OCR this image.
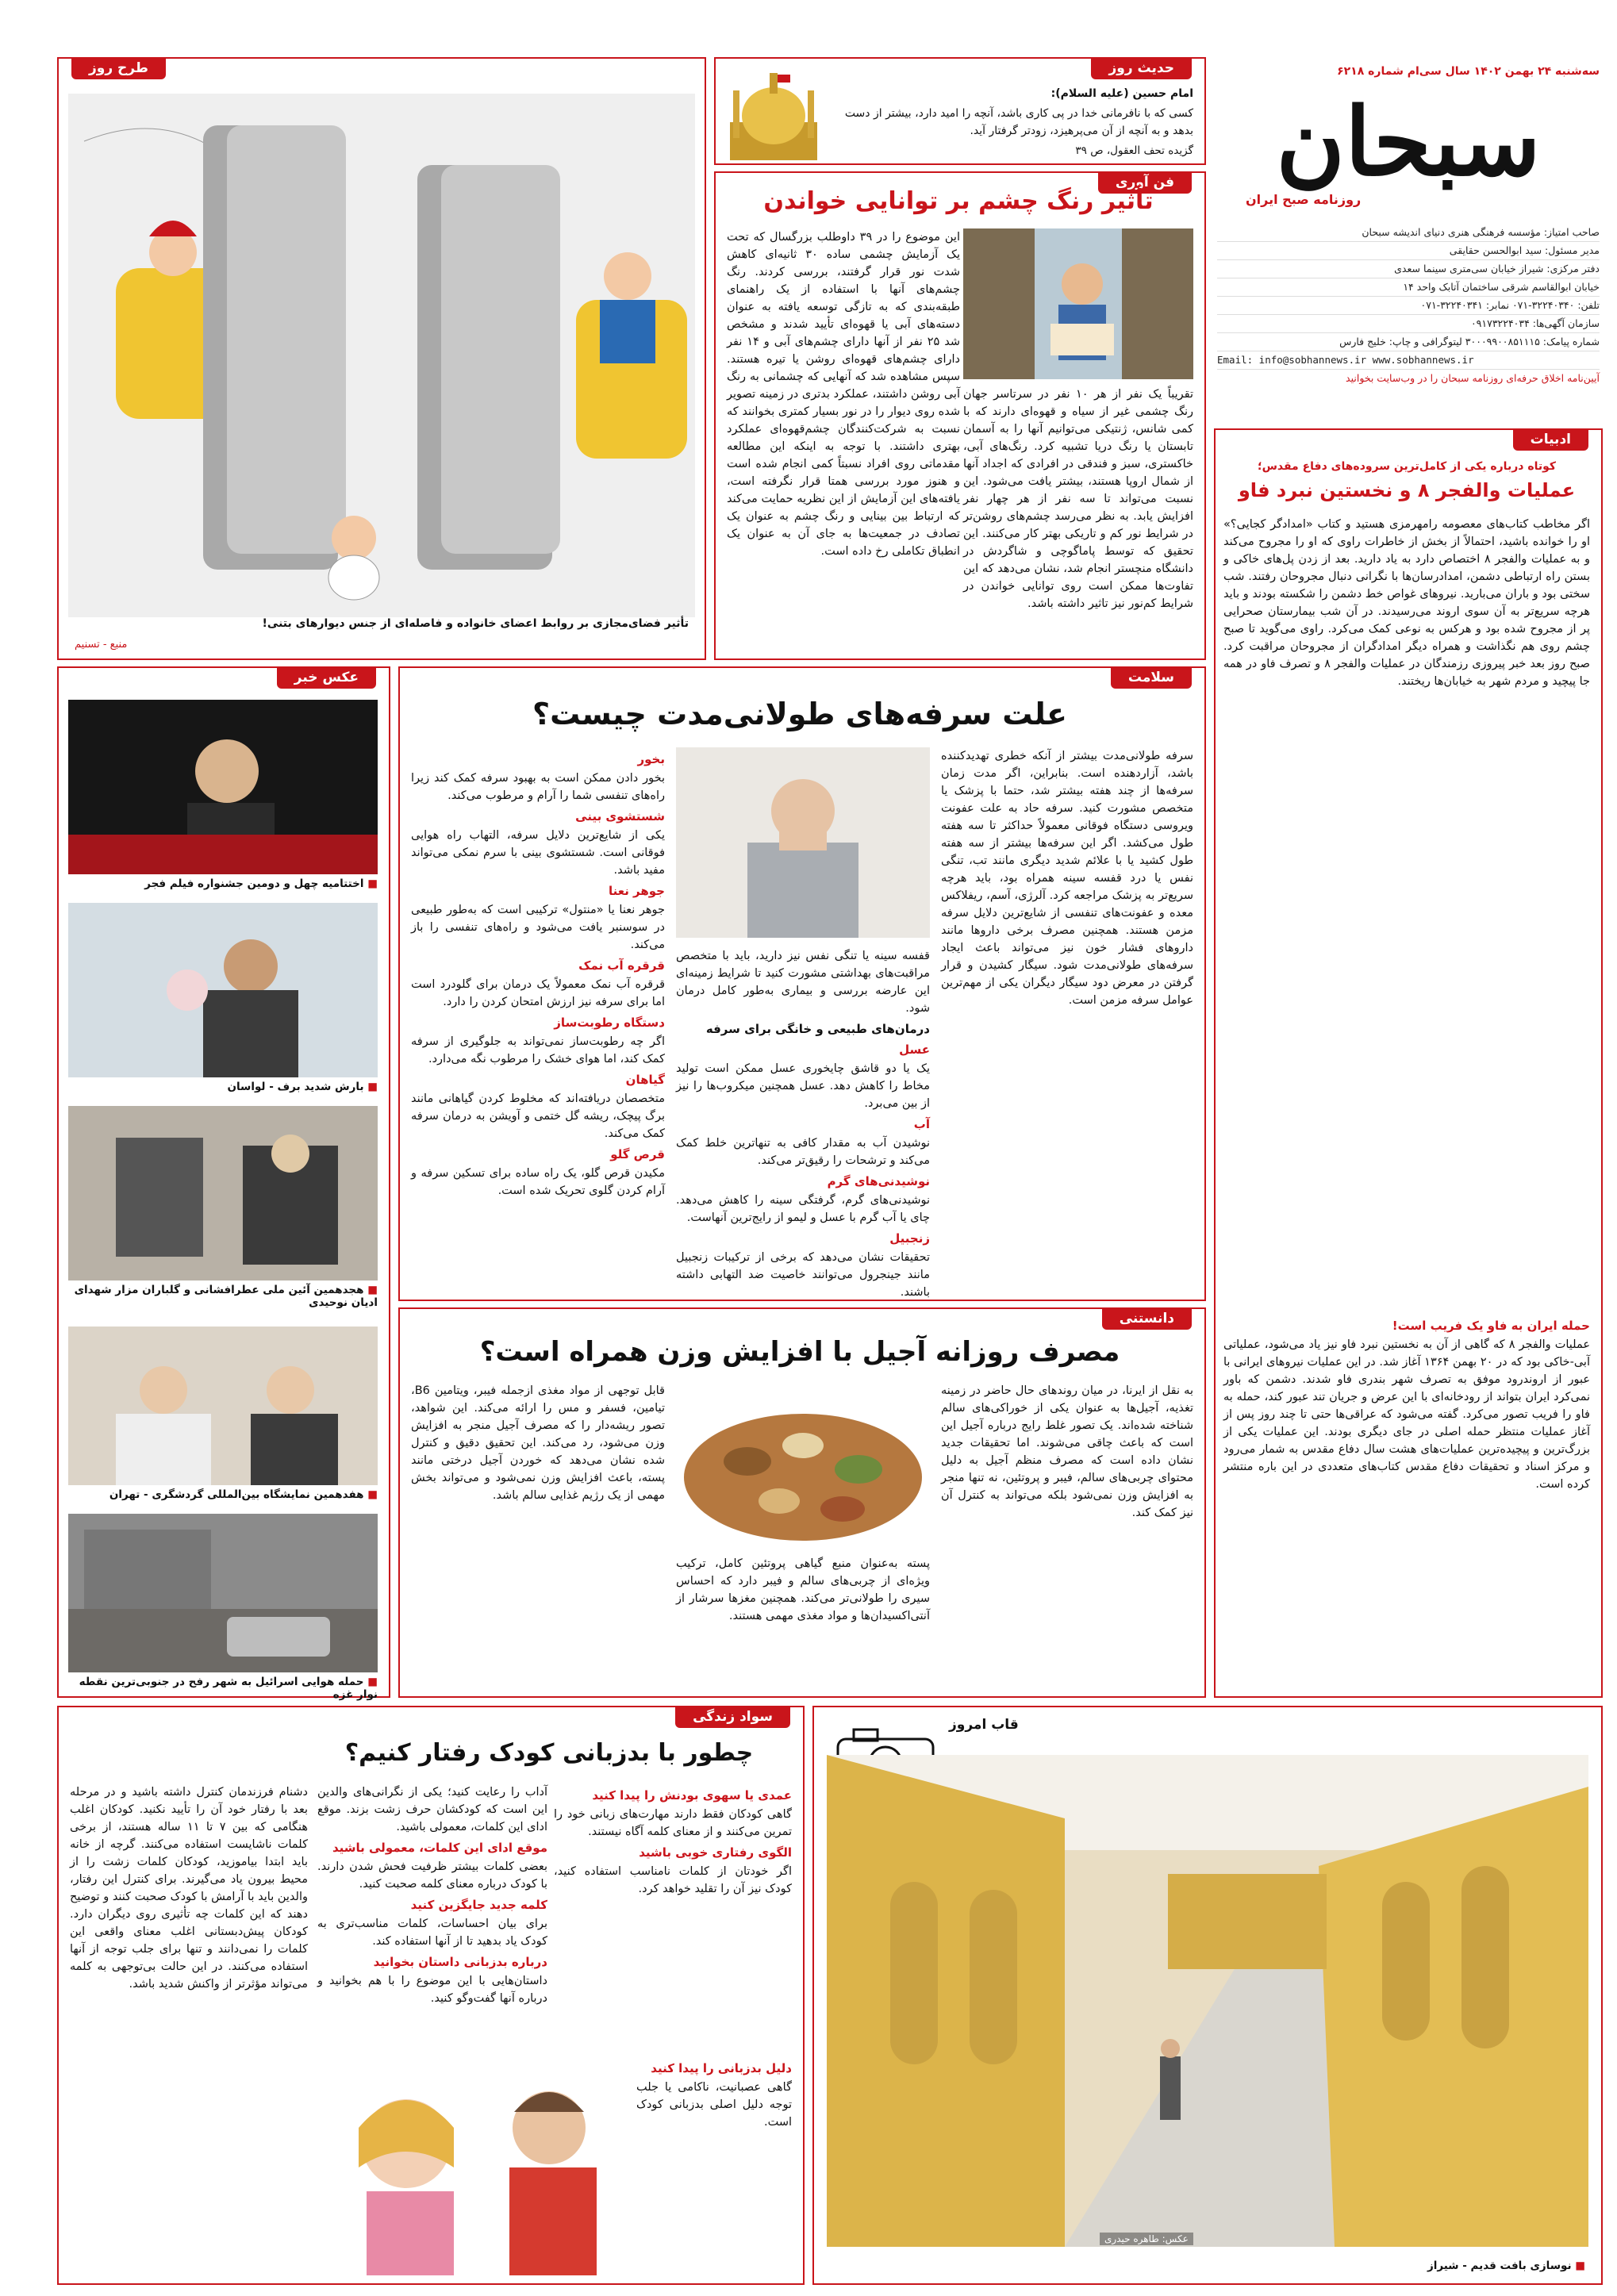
سه‌شنبه ۲۴ بهمن ۱۴۰۲ سال سی‌ام شماره ۶۲۱۸
سبحان
روزنامه صبح ایران
صاحب امتیاز: مؤسسه فرهنگی هنری دنیای اندیشه سبحان
مدیر مسئول: سید ابوالحسن حقایقی
دفتر مرکزی: شیراز خیابان سی‌متری سینما سعدی
خیابان ابوالقاسم شرقی ساختمان آتابک واحد ۱۴
تلفن: ۳۲۲۴۰۳۴۰-۰۷۱ نمابر: ۳۲۲۴۰۳۴۱-۰۷۱
سازمان آگهی‌ها: ۰۹۱۷۳۲۲۴۰۳۴
شماره پیامک: ۳۰۰۰۹۹۰۰۸۵۱۱۱۵ لیتوگرافی و چاپ: خلیج فارس
Email: info@sobhannews.ir www.sobhannews.ir
آیین‌نامه اخلاق حرفه‌ای روزنامه سبحان را در وب‌سایت بخوانید
حدیث روز
امام حسین (علیه السلام):
کسی که با نافرمانی خدا در پی کاری باشد، آنچه را امید دارد، بیشتر از دست بدهد و به آنچه از آن می‌پرهیزد، زودتر گرفتار آید.
گزیده تحف العقول، ص ۳۹
طرح روز
تأثیر فضای‌مجازی بر روابط اعضای خانواده و فاصله‌ای از جنس دیوارهای بتنی!
منبع - تسنیم
فن آوری
تأثیر رنگ چشم بر توانایی خواندن
تقریباً یک نفر از هر ۱۰ نفر در سرتاسر جهان رنگ چشمی غیر از سیاه و قهوه‌ای دارند که با کمی شانس، ژنتیکی می‌توانیم آنها را به آسمان تابستان یا رنگ دریا تشبیه کرد. رنگ‌های آبی، خاکستری، سبز و فندقی در افرادی که اجداد آنها از شمال اروپا هستند، بیشتر یافت می‌شود. این نسبت می‌تواند تا سه نفر از هر چهار نفر افزایش یابد. به نظر می‌رسد چشم‌های روشن‌تر در شرایط نور کم و تاریکی بهتر کار می‌کنند. این تحقیق که توسط پاماگوچی و شاگردش در دانشگاه منچستر انجام شد، نشان می‌دهد که این تفاوت‌ها ممکن است روی توانایی خواندن در شرایط کم‌نور نیز تاثیر داشته باشد.
این موضوع را در ۳۹ داوطلب بزرگسال که تحت یک آزمایش چشمی ساده ۳۰ ثانیه‌ای کاهش شدت نور قرار گرفتند، بررسی کردند. رنگ چشم‌های آنها با استفاده از یک راهنمای طبقه‌بندی که به تازگی توسعه یافته به عنوان دسته‌های آبی یا قهوه‌ای تأیید شدند و مشخص شد ۲۵ نفر از آنها دارای چشم‌های آبی و ۱۴ نفر دارای چشم‌های قهوه‌ای روشن یا تیره هستند. سپس مشاهده شد که آنهایی که چشمانی به رنگ آبی روشن داشتند، عملکرد بدتری در زمینه تصویر شده روی دیوار را در نور بسیار کمتری بخوانند که نسبت به شرکت‌کنندگان چشم‌قهوه‌ای عملکرد بهتری داشتند. با توجه به اینکه این مطالعه مقدماتی روی افراد نسبتاً کمی انجام شده است و هنوز مورد بررسی همتا قرار نگرفته است، یافته‌های این آزمایش از این نظریه حمایت می‌کند که ارتباط بین بینایی و رنگ چشم به عنوان یک تصادف در جمعیت‌ها به جای آن به عنوان یک انطباق تکاملی رخ داده است.
ادبیات
کوتاه درباره یکی از کامل‌ترین سروده‌های دفاع مقدس؛
عملیات والفجر ۸ و نخستین نبرد فاو
اگر مخاطب کتاب‌های معصومه رامهرمزی هستید و کتاب «امدادگر کجایی؟» او را خوانده باشید، احتمالاً از بخش از خاطرات راوی که او را مجروح می‌کند و به عملیات والفجر ۸ اختصاص دارد به یاد دارید. بعد از زدن پل‌های خاکی و بستن راه ارتباطی دشمن، امدادرسان‌ها با نگرانی دنبال مجروحان رفتند. شب سختی بود و باران می‌بارید. نیروهای غواص خط دشمن را شکسته بودند و باید هرچه سریع‌تر به آن سوی اروند می‌رسیدند. در آن شب بیمارستان صحرایی پر از مجروح شده بود و هرکس به نوعی کمک می‌کرد. راوی می‌گوید تا صبح چشم روی هم نگذاشت و همراه دیگر امدادگران از مجروحان مراقبت کرد. صبح روز بعد خبر پیروزی رزمندگان در عملیات والفجر ۸ و تصرف فاو در همه جا پیچید و مردم شهر به خیابان‌ها ریختند.
حمله ایران به فاو یک فریب است!
عملیات والفجر ۸ که گاهی از آن به نخستین نبرد فاو نیز یاد می‌شود، عملیاتی آبی-خاکی بود که در ۲۰ بهمن ۱۳۶۴ آغاز شد. در این عملیات نیروهای ایرانی با عبور از اروندرود موفق به تصرف شهر بندری فاو شدند. دشمن که باور نمی‌کرد ایران بتواند از رودخانه‌ای با این عرض و جریان تند عبور کند، حمله به فاو را فریب تصور می‌کرد. گفته می‌شود که عراقی‌ها حتی تا چند روز پس از آغاز عملیات منتظر حمله اصلی در جای دیگری بودند. این عملیات یکی از بزرگ‌ترین و پیچیده‌ترین عملیات‌های هشت سال دفاع مقدس به شمار می‌رود و مرکز اسناد و تحقیقات دفاع مقدس کتاب‌های متعددی در این باره منتشر کرده است.
عکس خبر
■ اختتامیه چهل و دومین جشنواره فیلم فجر
■ بارش شدید برف - لواسان
■ هجدهمین آئین ملی عطرافشانی و گلباران مزار شهدای ادیان نوحیدی
■ هفدهمین نمایشگاه بین‌المللی گردشگری - تهران
■ حمله هوایی اسرائیل به شهر رفح در جنوبی‌ترین نقطه نوار غزه
سلامت
علت سرفه‌های طولانی‌مدت چیست؟
سرفه طولانی‌مدت بیشتر از آنکه خطری تهدیدکننده باشد، آزاردهنده است. بنابراین، اگر مدت زمان سرفه‌ها از چند هفته بیشتر شد، حتما با پزشک یا متخصص مشورت کنید. سرفه حاد به علت عفونت ویروسی دستگاه فوقانی معمولاً حداکثر تا سه هفته طول می‌کشد. اگر این سرفه‌ها بیشتر از سه هفته طول کشید یا با علائم شدید دیگری مانند تب، تنگی نفس یا درد قفسه سینه همراه بود، باید هرچه سریع‌تر به پزشک مراجعه کرد. آلرژی، آسم، ریفلاکس معده و عفونت‌های تنفسی از شایع‌ترین دلایل سرفه مزمن هستند. همچنین مصرف برخی داروها مانند داروهای فشار خون نیز می‌تواند باعث ایجاد سرفه‌های طولانی‌مدت شود. سیگار کشیدن و قرار گرفتن در معرض دود سیگار دیگران یکی از مهم‌ترین عوامل سرفه مزمن است.

قفسه سینه یا تنگی نفس نیز دارید، باید با متخصص مراقبت‌های بهداشتی مشورت کنید تا شرایط زمینه‌ای این عارضه بررسی و بیماری به‌طور کامل درمان شود.

درمان‌های طبیعی و خانگی برای سرفه
عسل

یک یا دو قاشق چایخوری عسل ممکن است تولید مخاط را کاهش دهد. عسل همچنین میکروب‌ها را نیز از بین می‌برد.

آب

نوشیدن آب به مقدار کافی به تنها‌ترین خلط کمک می‌کند و ترشحات را رقیق‌تر می‌کند.

نوشیدنی‌های گرم

نوشیدنی‌های گرم، گرفتگی سینه را کاهش می‌دهد. چای یا آب گرم با عسل و لیمو از رایج‌ترین آنهاست.

زنجبیل

تحقیقات نشان می‌دهد که برخی از ترکیبات زنجبیل مانند جینجرول می‌توانند خاصیت ضد التهابی داشته باشند.

بخور

بخور دادن ممکن است به بهبود سرفه کمک کند زیرا راه‌های تنفسی شما را آرام و مرطوب می‌کند.

شستشوی بینی

یکی از شایع‌ترین دلایل سرفه، التهاب راه هوایی فوقانی است. شستشوی بینی با سرم نمکی می‌تواند مفید باشد.

جوهر نعنا

جوهر نعنا یا «منتول» ترکیبی است که به‌طور طبیعی در سوسنبر یافت می‌شود و راه‌های تنفسی را باز می‌کند.

قرقره آب نمک

قرقره آب نمک معمولاً یک درمان برای گلودرد است اما برای سرفه نیز ارزش امتحان کردن را دارد.

دستگاه رطوبت‌ساز

اگر چه رطوبت‌ساز نمی‌تواند به جلوگیری از سرفه کمک کند، اما هوای خشک را مرطوب نگه می‌دارد.

گیاهان

متخصصان دریافته‌اند که مخلوط کردن گیاهانی مانند برگ پیچک، ریشه گل ختمی و آویشن به درمان سرفه کمک می‌کند.

قرص گلو

مکیدن قرص گلو، یک راه ساده برای تسکین سرفه و آرام کردن گلوی تحریک شده است.

دانستنی
مصرف روزانه آجیل با افزایش وزن همراه است؟
به نقل از ایرنا، در میان روندهای حال حاضر در زمینه تغذیه، آجیل‌ها به عنوان یکی از خوراکی‌های سالم شناخته شده‌اند. یک تصور غلط رایج درباره آجیل این است که باعث چاقی می‌شوند. اما تحقیقات جدید نشان داده است که مصرف منظم آجیل به دلیل محتوای چربی‌های سالم، فیبر و پروتئین، نه تنها منجر به افزایش وزن نمی‌شود بلکه می‌تواند به کنترل آن نیز کمک کند.
پسته به‌عنوان منبع گیاهی پروتئین کامل، ترکیب ویژه‌ای از چربی‌های سالم و فیبر دارد که احساس سیری را طولانی‌تر می‌کند. همچنین مغزها سرشار از آنتی‌اکسیدان‌ها و مواد مغذی مهمی هستند.
قابل توجهی از مواد مغذی ازجمله فیبر، ویتامین B6، تیامین، فسفر و مس را ارائه می‌کند. این شواهد، تصور ریشه‌دار را که مصرف آجیل منجر به افزایش وزن می‌شود، رد می‌کند. این تحقیق دقیق و کنترل شده نشان می‌دهد که خوردن آجیل درختی مانند پسته، باعث افزایش وزن نمی‌شود و می‌تواند بخش مهمی از یک رژیم غذایی سالم باشد.
سواد زندگی
چطور با بدزبانی کودک رفتار کنیم؟
دشنام فرزندمان کنترل داشته باشید و در مرحله بعد با رفتار خود آن را تأیید نکنید. کودکان اغلب هنگامی که بین ۷ تا ۱۱ ساله هستند، از برخی کلمات ناشایست استفاده می‌کنند. گرچه از خانه باید ابتدا بیاموزید، کودکان کلمات زشت را از محیط بیرون یاد می‌گیرند. برای کنترل این رفتار، والدین باید با آرامش با کودک صحبت کنند و توضیح دهند که این کلمات چه تأثیری روی دیگران دارد. کودکان پیش‌دبستانی اغلب معنای واقعی این کلمات را نمی‌دانند و تنها برای جلب توجه از آنها استفاده می‌کنند. در این حالت بی‌توجهی به کلمه می‌تواند مؤثرتر از واکنش شدید باشد.

آداب را رعایت کنید؛ یکی از نگرانی‌های والدین این است که کودکشان حرف زشت بزند. موقع ادای این کلمات، معمولی باشید.

موقع ادای این کلمات، معمولی باشید

بعضی کلمات بیشتر ظرفیت فحش شدن دارند. با کودک درباره معنای کلمه صحبت کنید.

کلمه جدید جایگزین کنید

برای بیان احساسات، کلمات مناسب‌تری به کودک یاد بدهید تا از آنها استفاده کند.

درباره بدزبانی داستان بخوانید

داستان‌هایی با این موضوع را با هم بخوانید و درباره آنها گفت‌وگو کنید.

عمدی یا سهوی بودنش را پیدا کنید

گاهی کودکان فقط دارند مهارت‌های زبانی خود را تمرین می‌کنند و از معنای کلمه آگاه نیستند.

الگوی رفتاری خوبی باشید

اگر خودتان از کلمات نامناسب استفاده کنید، کودک نیز آن را تقلید خواهد کرد.

دلیل بدزبانی را پیدا کنید

گاهی عصبانیت، ناکامی یا جلب توجه دلیل اصلی بدزبانی کودک است.

قاب امروز
عکس: طاهره حیدری
■ نوسازی بافت قدیم - شیراز
